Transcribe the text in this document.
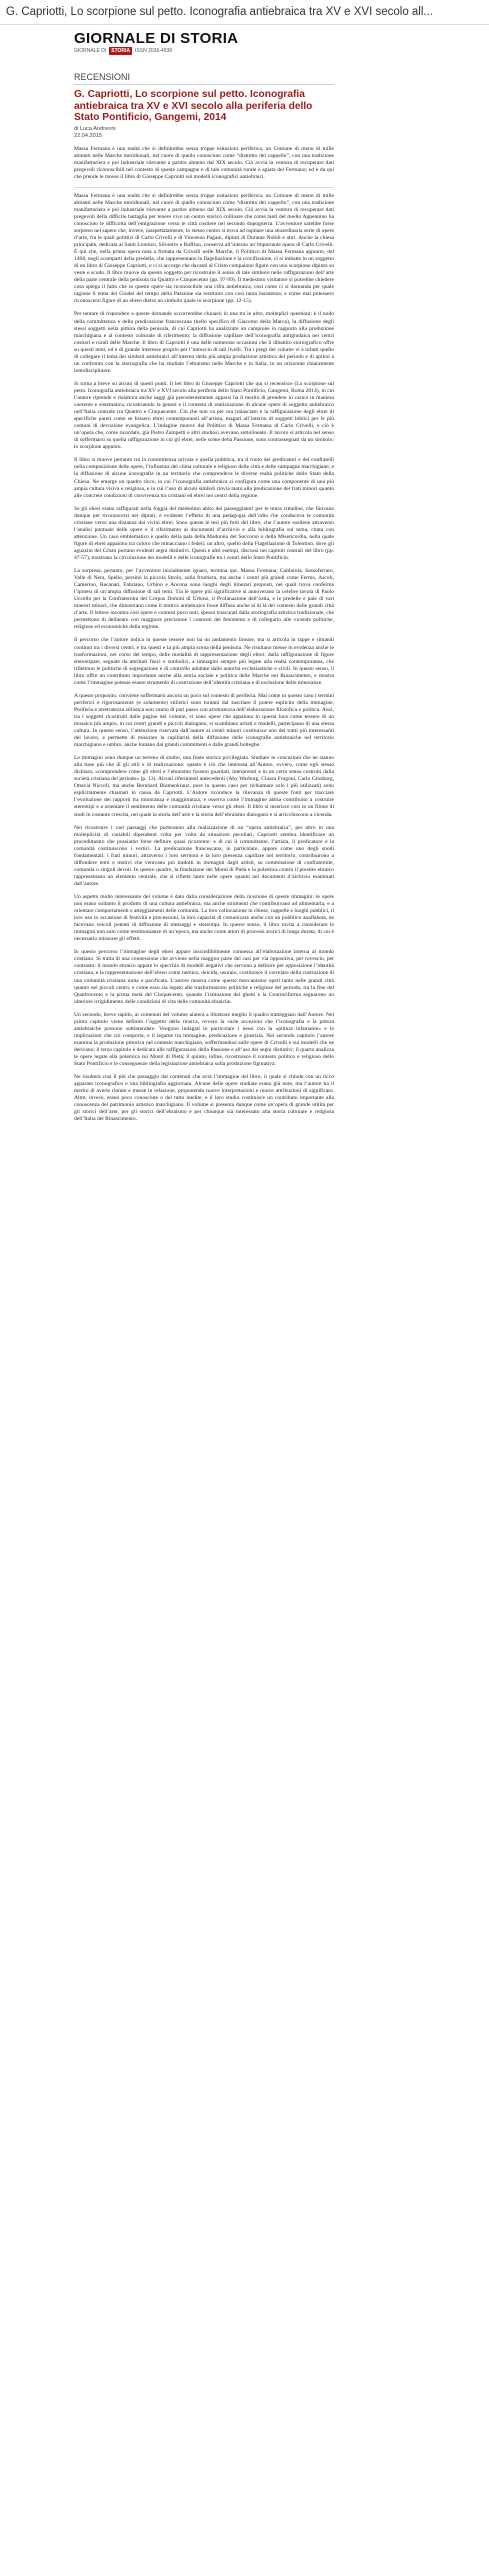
G. Capriotti, Lo scorpione sul petto. Iconografia antiebraica tra XV e XVI secolo all...
GIORNALE DI STORIA
GIORNALE DI	STORIA	ISSN 2036-4938
RECENSIONI
G. Capriotti, Lo scorpione sul petto. Iconografia antiebraica tra XV e XVI secolo alla periferia dello Stato Pontificio, Gangemi, 2014
di Luca Andreoni
22.04.2015

Massa Fermana è una realtà che si definirebbe senza troppe esitazioni periferica, un Comune di meno di mille abitanti nelle Marche meridionali, nel cuore di quello conosciuto come “distretto del cappello”, con una tradizione manifatturiera e poi industriale rilevante a partire almeno dal XIX secolo. Ciò avvia la ventura di recuperare dati pregevoli riconoscibili nel contesto di queste campagne e di tale comunità rurale e agiata del Fermano; ed è da qui che prende le mosse il libro di Giuseppe Capriotti sui modelli iconografici antiebraici.

Massa Fermana è una realtà che si definirebbe senza troppe esitazioni periferica, un Comune di meno di mille abitanti nelle Marche meridionali, nel cuore di quello conosciuto come “distretto del cappello”, con una tradizione manifatturiera e poi industriale rilevante a partire almeno dal XIX secolo. Ciò avvia la ventura di recuperare dati pregevoli della difficile battaglia per tenere vivo un centro storico collinare che come tanti del medio Appennino ha conosciuto le difficoltà dell’emigrazione verso le città costiere nel secondo dopoguerra. L’avventore sarebbe forse sorpreso nel sapere che, invece, inaspettatamente, lo stesso centro si trova ad ospitare una straordinaria serie di opere d’arte, fra le quali polittici di Carlo Crivelli e di Vincenzo Pagani, dipinti di Durante Nobili e altri. Anche la chiesa principale, dedicata ai Santi Lorenzo, Silvestro e Ruffino, conserva all’interno un’importante opera di Carlo Crivelli. È qui che, nella prima opera nota a firmata da Crivelli nelle Marche, il Polittico di Massa Fermana appunto, del 1468, negli scomparti della predella, che rappresentano la flagellazione e la crocifissione, ci si imbatte in un soggetto di un libro di Giuseppe Capriotti, e ci si accorge che davanti al Cristo compaiono figure con uno scorpione dipinto su veste e scudo. Il libro muove da questo soggetto per ricostruire il senso di tale simbolo nelle raffigurazioni dell’arte della parte centrale della penisola tra Quattro e Cinquecento (pp. 97-99). Il medesimo visitatore si potrebbe chiedere cosa spiega il fatto che in queste opere sia riconoscibile una cifra antiebraica, così come ci si domanda per quale ragione il tema dei Giudei del tempo della Passione sia restituito con così tanta insistenza; e come mai potessero riconoscersi figure di un ebreo dietro un simbolo quale lo scorpione (pp. 12-15).

Per tentare di rispondere a queste domande occorrerebbe chinarsi in una tra le altre, molteplici questioni: è il nodo della committenza e della predicazione francescana (nello specifico di Giacomo della Marca), la diffusione degli stessi soggetti nella pittura della penisola, di cui Capriotti ha analizzato un campione in rapporto alla produzione marchigiana e al contesto culturale di riferimento; la diffusione capillare dell’iconografia antigiudaica nei centri costieri e rurali delle Marche. Il libro di Capriotti è una delle numerose occasioni che il dibattito storiografico offre su questi temi, ed è di grande interesse proprio per l’intreccio di tali livelli. Tra i pregi del volume vi è infatti quello di collegare il tema dei simboli antiebraici all’interno della più ampia produzione artistica del periodo e di aprirsi a un confronto con la storiografia che ha studiato l’ebraismo nelle Marche e in Italia, in un orizzonte chiaramente interdisciplinare.

Si torna a breve su alcuni di questi punti. Il bel libro di Giuseppe Capriotti che qui si recensisce (Lo scorpione sul petto. Iconografia antiebraica tra XV e XVI secolo alla periferia dello Stato Pontificio, Gangemi, Roma 2014), in cui l’autore riprende e rielabora anche saggi già precedentemente apparsi ha il merito di prendere in carico in maniera coerente e sistematica, ricostruendo la genesi e il contesto di realizzazione di alcune opere di soggetto antiebraico nell’Italia centrale tra Quattro e Cinquecento. Ciò che non va per ora tralasciato è la raffigurazione degli ebrei di specifiche pareti come se fossero ebrei contemporanei all’artista, magari all’interno di soggetti biblici per le più comuni di devozione evangelica. L’indagine muove dal Polittico di Massa Fermana di Carlo Crivelli, e ciò è un’opera che, come ricordato, già Pietro Zampetti e altri studiosi avevano sottolineato. Il lavoro si articola nel senso di soffermarsi su quella raffigurazione in cui gli ebrei, nelle scene della Passione, sono contrassegnati da un simbolo: lo scorpione appunto.

Il libro si muove pertanto tra la committenza privata e quella pubblica, tra il ruolo dei predicatori e dei confratelli nella composizione delle opere, l’influenza del clima culturale e religioso delle città e delle campagne marchigiane, e la diffusione di alcune iconografie in un territorio che comprendeva le diverse realtà politiche dello Stato della Chiesa. Ne emerge un quadro ricco, in cui l’iconografia antiebraica si configura come una componente di una più ampia cultura visiva e religiosa, e in cui l’uso di alcuni simboli rinvia tanto alla predicazione dei frati minori quanto alle concrete condizioni di convivenza tra cristiani ed ebrei nei centri della regione.

Se gli ebrei erano raffigurati nella foggia del medesimo abito dei passeggiatori per le mura cittadine, che finivano dunque per riconoscersi nei dipinti, è evidente l’effetto di una pedagogia dell’odio che conduceva le comunità cristiane verso una distanza dai vicini ebrei. Sono queste le tesi più forti del libro, che l’autore sostiene attraverso l’analisi puntuale delle opere e il riferimento ai documenti d’archivio e alla bibliografia sul tema, citata con attenzione. Un caso emblematico è quello della pala della Madonna del Soccorso o della Misericordia, nella quale figure di ebrei appaiono tra coloro che minacciano i fedeli; un altro, quello della Flagellazione di Tolentino, dove gli aguzzini del Cristo portano evidenti segni distintivi. Questi e altri esempi, discussi nei capitoli centrali del libro (pp. 47-57), mostrano la circolazione dei modelli e delle iconografie tra i centri dello Stato Pontificio.

La sorpresa, pertanto, per l’avventore inizialmente ignaro, termina qui. Massa Fermana, Caldarola, Sassoferrato, Valle di Nera, Spello, persino la piccola Strolo, sulla frontiera, ma anche i centri più grandi come Fermo, Ascoli, Camerino, Recanati, Fabriano, Urbino e Ancona sono luoghi degli itinerari proposti, nei quali trova conferma l’ipotesi di un’ampia diffusione di tali temi. Tra le opere più significative si annoverano la celebre tavola di Paolo Uccello per la Confraternita del Corpus Domini di Urbino, il Profanazione dell’ostia, e le predelle e pale di vari maestri minori, che dimostrano come il motivo antiebraico fosse diffuso anche al di là del contesto delle grandi città d’arte. Il lettore incontra così opere e contesti poco noti, spesso trascurati dalla storiografia artistica tradizionale, che permettono di delineare con maggiore precisione i contorni del fenomeno e di collegarlo alle vicende politiche, religiose ed economiche della regione.

Il percorso che l’autore indica in queste tessere non ha un andamento lineare, ma si articola in tappe e rimandi continui tra i diversi centri, e tra questi e la più ampia scena della penisola. Ne risultano messe in evidenza anche le trasformazioni, nel corso del tempo, delle modalità di rappresentazione degli ebrei: dalla raffigurazione di figure stereotipate, segnate da attributi fisici e simbolici, a immagini sempre più legate alla realtà contemporanea, che riflettono le politiche di segregazione e di controllo adottate dalle autorità ecclesiastiche e civili. In questo senso, il libro offre un contributo importante anche alla storia sociale e politica delle Marche nel Rinascimento, e mostra come l’immagine potesse essere strumento di costruzione dell’identità cristiana e di esclusione delle minoranze.

A questo proposito, conviene soffermarsi ancora un poco sul contesto di periferia. Mai come in questo caso i termini periferici e rigorosamente (e solamente) stilistici sono lontani dal suscitare il potere esplicito della immagine, Periferia e arretratezza stilistica non vanno di pari passo con arretratezza dell’elaborazione filosofica o politica. Anzi, tra i soggetti ricostruiti dalle pagine del volume, vi sono opere che appaiono in questa luce come tessere di un mosaico più ampio, in cui centri grandi e piccoli dialogano, si scambiano artisti e modelli, partecipano di una stessa cultura. In questo senso, l’attenzione riservata dall’autore ai centri minori costituisce uno dei tratti più interessanti del lavoro, e permette di misurare la capillarità della diffusione delle iconografie antiebraiche nel territorio marchigiano e umbro, anche lontano dai grandi committenti e dalle grandi botteghe.

Le immagini sono dunque un terreno di studio, una fonte storica privilegiata. Studiare le concezioni che ne stanno alla base più che di gli stili e di realizzazione: questo è ciò che interessa all’Autore, ovvero, come egli stesso dichiara, «comprendere come gli ebrei e l’ebraismo fossero guardati, interpretati e in un certo senso costruiti dalla società cristiana del periodo» (p. 13). Alcuni riferimenti antecedenti (Aby Warburg, Chiara Frugoni, Carlo Ginzburg, Ottavia Niccoli, ma anche Bernhard Blumenkranz, pure in questo caso per richiamare solo i più utilizzati) sono esplicitamente chiamati in causa da Capriotti. L’Autore riconduce la rilevanza di queste fonti per tracciare l’evoluzione dei rapporti tra minoranza e maggioranza, e osserva come l’immagine abbia contribuito a costruire stereotipi e a orientare il sentimento delle comunità cristiane verso gli ebrei. Il libro si inserisce così in un filone di studi in costante crescita, nel quale la storia dell’arte e la storia dell’ebraismo dialogano e si arricchiscono a vicenda.

Nei ricostruire i vari passaggi che porteranno alla realizzazione di un “opera antiebraica”, per altro in una molteplicità di variabili dipendenti volta per volta da situazioni peculiari, Capriotti sembra identificare un procedimento che possiamo forse definire quasi ricorrente: e di cui il committente, l’artista, il predicatore e la comunità costituiscono i vertici. La predicazione francescana, in particolare, appare come uno degli snodi fondamentali: i frati minori, attraverso i loro sermoni e la loro presenza capillare nel territorio, contribuirono a diffondere temi e motivi che venivano poi tradotti in immagini dagli artisti, su commissione di confraternite, comunità o singoli devoti. In questo quadro, la fondazione dei Monti di Pietà e la polemica contro il prestito ebraico rappresentano un elemento centrale, che si riflette tanto nelle opere quanto nei documenti d’archivio esaminati dall’autore.

Un aspetto molto interessante del volume è dato dalla considerazione della ricezione di queste immagini: le opere non erano soltanto il prodotto di una cultura antiebraica, ma anche strumenti che contribuivano ad alimentarla, e a orientare comportamenti e atteggiamenti delle comunità. La loro collocazione in chiese, cappelle e luoghi pubblici, il loro uso in occasione di festività e processioni, la loro capacità di comunicare anche con un pubblico analfabeta, ne facevano veicoli potenti di diffusione di messaggi e stereotipi. In questo senso, il libro invita a considerare le immagini non solo come testimonianze di un’epoca, ma anche come attori di processi storici di lunga durata, di cui è necessario misurare gli effetti.

In questo percorso l’immagine degli ebrei appare inscindibilmente connessa all’elaborazione interna al mondo cristiano. Si tratta di una connessione che avviene nella maggior parte dei casi per via oppositiva, per rovescio, per contrasto: il mondo ebraico appare lo specchio di modelli negativi che servono a definire per opposizione l’identità cristiana, e la rappresentazione dell’ebreo come nemico, deicida, usuraio, costituisce il correlato della costruzione di una comunità cristiana unita e pacificata. L’autore mostra come questo meccanismo operi tanto nelle grandi città quanto nei piccoli centri, e come esso sia legato alle trasformazioni politiche e religiose del periodo, tra la fine del Quattrocento e la prima metà del Cinquecento, quando l’istituzione dei ghetti e la Controriforma segnarono un ulteriore irrigidimento delle condizioni di vita delle comunità ebraiche.

Un secondo, breve rapido, ai contenuti del volume aiuterà a illustrare meglio il quadro tratteggiato dall’Autore. Nel primo capitolo viene definito l’oggetto della ricerca, ovvero la varie accezioni che l’iconografia e la pittura antiebraiche possono sottintendere. Vengono indagati in particolare i nessi con la «pittura infamante» e le implicazioni che ciò comporta, e il legame tra immagine, predicazione e giustizia. Nel secondo capitolo l’autore esamina la produzione pittorica nel contesto marchigiano, soffermandosi sulle opere di Crivelli e sui modelli che ne derivano; il terzo capitolo è dedicato alle raffigurazioni della Passione e all’uso dei segni distintivi; il quarto analizza le opere legate alla polemica sui Monti di Pietà; il quinto, infine, ricostruisce il contesto politico e religioso dello Stato Pontificio e le conseguenze della legislazione antiebraica sulla produzione figurativa.

Ne risulterà così il più che passaggio dai contenuti che avrà l’immagine del libro, il quale si chiude con un ricco apparato iconografico e una bibliografia aggiornata. Alcune delle opere studiate erano già note, ma l’autore ha il merito di averle riunite e messe in relazione, proponendo nuove interpretazioni e nuove attribuzioni di significato. Altre, invece, erano poco conosciute o del tutto inedite, e il loro studio costituisce un contributo importante alla conoscenza del patrimonio artistico marchigiano. Il volume si presenta dunque come un’opera di grande utilità per gli storici dell’arte, per gli storici dell’ebraismo e per chiunque sia interessato alla storia culturale e religiosa dell’Italia del Rinascimento.
